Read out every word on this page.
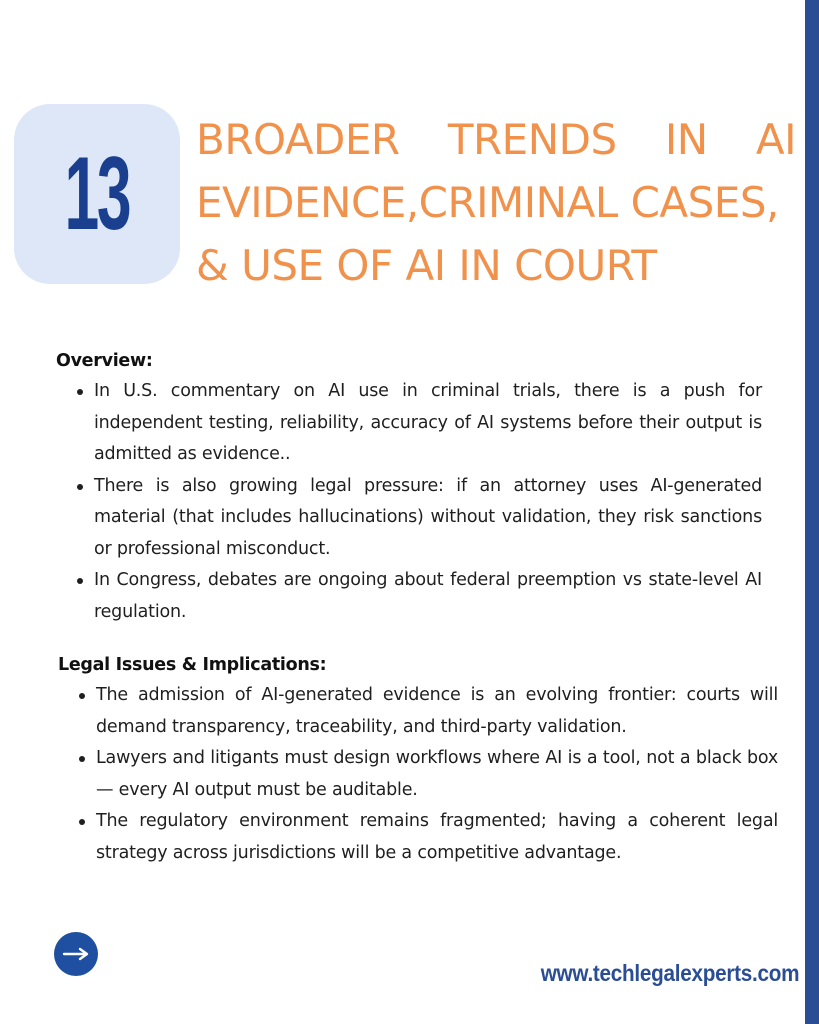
13 BROADER TRENDS IN AI
EVIDENCE,CRIMINAL CASES,
& USE OF AI IN COURT

Overview:

In U.S. commentary on AI use in criminal trials, there is a push for independent testing, reliability, accuracy of AI systems before their output is admitted as evidence..
There is also growing legal pressure: if an attorney uses AI-generated material (that includes hallucinations) without validation, they risk sanctions or professional misconduct.
In Congress, debates are ongoing about federal preemption vs state-level AI regulation.

Legal Issues & Implications:

The admission of AI-generated evidence is an evolving frontier: courts will demand transparency, traceability, and third-party validation.
Lawyers and litigants must design workflows where AI is a tool, not a black box — every AI output must be auditable.
The regulatory environment remains fragmented; having a coherent legal strategy across jurisdictions will be a competitive advantage.
www.techlegalexperts.com
